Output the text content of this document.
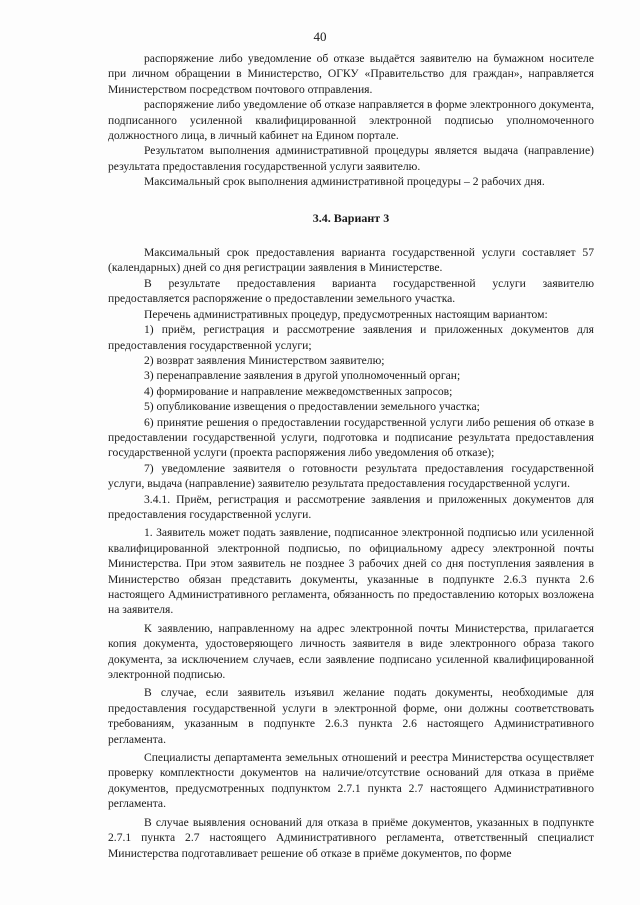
40

распоряжение либо уведомление об отказе выдаётся заявителю на бумажном носителе при личном обращении в Министерство, ОГКУ «Правительство для граждан», направляется Министерством посредством почтового отправления.

распоряжение либо уведомление об отказе направляется в форме электронного документа, подписанного усиленной квалифицированной электронной подписью уполномоченного должностного лица, в личный кабинет на Едином портале.

Результатом выполнения административной процедуры является выдача (направление) результата предоставления государственной услуги заявителю.

Максимальный срок выполнения административной процедуры – 2 рабочих дня.

3.4. Вариант 3

Максимальный срок предоставления варианта государственной услуги составляет 57 (календарных) дней со дня регистрации заявления в Министерстве.

В результате предоставления варианта государственной услуги заявителю предоставляется распоряжение о предоставлении земельного участка.

Перечень административных процедур, предусмотренных настоящим вариантом:

1) приём, регистрация и рассмотрение заявления и приложенных документов для предоставления государственной услуги;

2) возврат заявления Министерством заявителю;

3) перенаправление заявления в другой уполномоченный орган;

4) формирование и направление межведомственных запросов;

5) опубликование извещения о предоставлении земельного участка;

6) принятие решения о предоставлении государственной услуги либо решения об отказе в предоставлении государственной услуги, подготовка и подписание результата предоставления государственной услуги (проекта распоряжения либо уведомления об отказе);

7) уведомление заявителя о готовности результата предоставления государственной услуги, выдача (направление) заявителю результата предоставления государственной услуги.

3.4.1. Приём, регистрация и рассмотрение заявления и приложенных документов для предоставления государственной услуги.

1. Заявитель может подать заявление, подписанное электронной подписью или усиленной квалифицированной электронной подписью, по официальному адресу электронной почты Министерства. При этом заявитель не позднее 3 рабочих дней со дня поступления заявления в Министерство обязан представить документы, указанные в подпункте 2.6.3 пункта 2.6 настоящего Административного регламента, обязанность по предоставлению которых возложена на заявителя.

К заявлению, направленному на адрес электронной почты Министерства, прилагается копия документа, удостоверяющего личность заявителя в виде электронного образа такого документа, за исключением случаев, если заявление подписано усиленной квалифицированной электронной подписью.

В случае, если заявитель изъявил желание подать документы, необходимые для предоставления государственной услуги в электронной форме, они должны соответствовать требованиям, указанным в подпункте 2.6.3 пункта 2.6 настоящего Административного регламента.

Специалисты департамента земельных отношений и реестра Министерства осуществляет проверку комплектности документов на наличие/отсутствие оснований для отказа в приёме документов, предусмотренных подпунктом 2.7.1 пункта 2.7 настоящего Административного регламента.

В случае выявления оснований для отказа в приёме документов, указанных в подпункте 2.7.1 пункта 2.7 настоящего Административного регламента, ответственный специалист Министерства подготавливает решение об отказе в приёме документов, по форме
